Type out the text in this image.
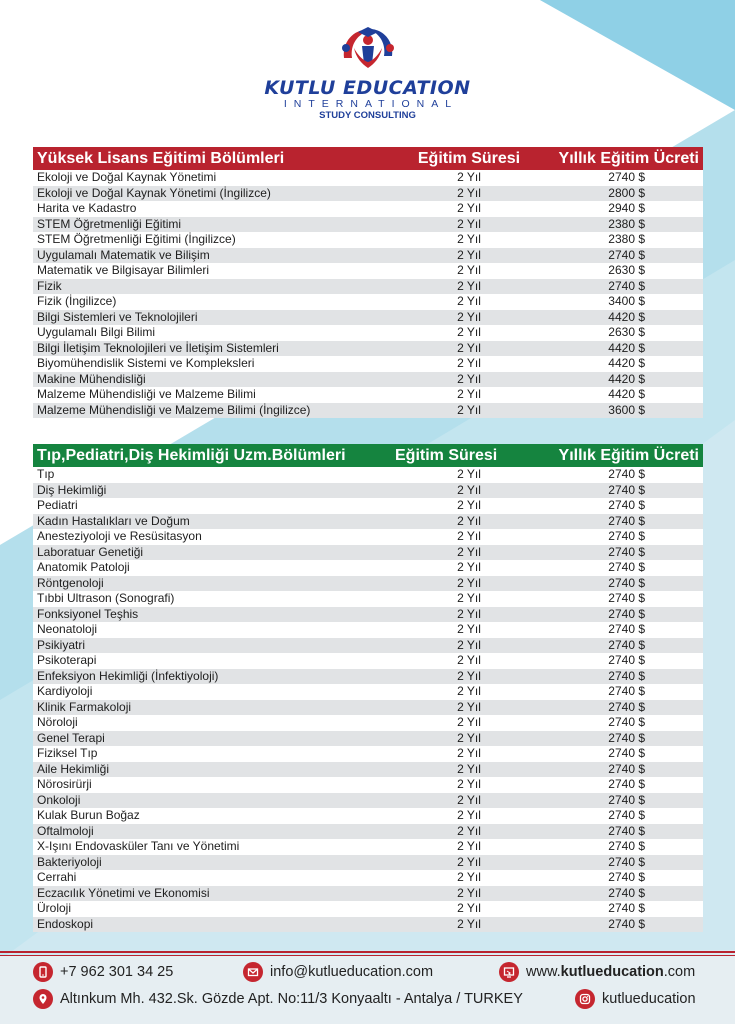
KUTLU EDUCATION
INTERNATIONAL
STUDY CONSULTING
Yüksek Lisans Eğitimi Bölümleri	Eğitim Süresi	Yıllık Eğitim Ücreti
Ekoloji ve Doğal Kaynak Yönetimi	2 Yıl	2740 $
Ekoloji ve Doğal Kaynak Yönetimi (İngilizce)	2 Yıl	2800 $
Harita ve Kadastro	2 Yıl	2940 $
STEM Öğretmenliği Eğitimi	2 Yıl	2380 $
STEM Öğretmenliği Eğitimi (İngilizce)	2 Yıl	2380 $
Uygulamalı Matematik ve Bilişim	2 Yıl	2740 $
Matematik ve Bilgisayar Bilimleri	2 Yıl	2630 $
Fizik	2 Yıl	2740 $
Fizik (İngilizce)	2 Yıl	3400 $
Bilgi Sistemleri ve Teknolojileri	2 Yıl	4420 $
Uygulamalı Bilgi Bilimi	2 Yıl	2630 $
Bilgi İletişim Teknolojileri ve İletişim Sistemleri	2 Yıl	4420 $
Biyomühendislik Sistemi ve Kompleksleri	2 Yıl	4420 $
Makine Mühendisliği	2 Yıl	4420 $
Malzeme Mühendisliği ve Malzeme Bilimi	2 Yıl	4420 $
Malzeme Mühendisliği ve Malzeme Bilimi (İngilizce)	2 Yıl	3600 $
Tıp,Pediatri,Diş Hekimliği Uzm.Bölümleri	Eğitim Süresi	Yıllık Eğitim Ücreti
Tıp	2 Yıl	2740 $
Diş Hekimliği	2 Yıl	2740 $
Pediatri	2 Yıl	2740 $
Kadın Hastalıkları ve Doğum	2 Yıl	2740 $
Anesteziyoloji ve Resüsitasyon	2 Yıl	2740 $
Laboratuar Genetiği	2 Yıl	2740 $
Anatomik Patoloji	2 Yıl	2740 $
Röntgenoloji	2 Yıl	2740 $
Tıbbi Ultrason (Sonografi)	2 Yıl	2740 $
Fonksiyonel Teşhis	2 Yıl	2740 $
Neonatoloji	2 Yıl	2740 $
Psikiyatri	2 Yıl	2740 $
Psikoterapi	2 Yıl	2740 $
Enfeksiyon Hekimliği (İnfektiyoloji)	2 Yıl	2740 $
Kardiyoloji	2 Yıl	2740 $
Klinik Farmakoloji	2 Yıl	2740 $
Nöroloji	2 Yıl	2740 $
Genel Terapi	2 Yıl	2740 $
Fiziksel Tıp	2 Yıl	2740 $
Aile Hekimliği	2 Yıl	2740 $
Nörosirürji	2 Yıl	2740 $
Onkoloji	2 Yıl	2740 $
Kulak Burun Boğaz	2 Yıl	2740 $
Oftalmoloji	2 Yıl	2740 $
X-Işını Endovasküler Tanı ve Yönetimi	2 Yıl	2740 $
Bakteriyoloji	2 Yıl	2740 $
Cerrahi	2 Yıl	2740 $
Eczacılık Yönetimi ve Ekonomisi	2 Yıl	2740 $
Üroloji	2 Yıl	2740 $
Endoskopi	2 Yıl	2740 $
+7 962 301 34 25	info@kutlueducation.com	www.kutlueducation.com
Altınkum Mh. 432.Sk. Gözde Apt. No:11/3 Konyaaltı - Antalya / TURKEY	kutlueducation
